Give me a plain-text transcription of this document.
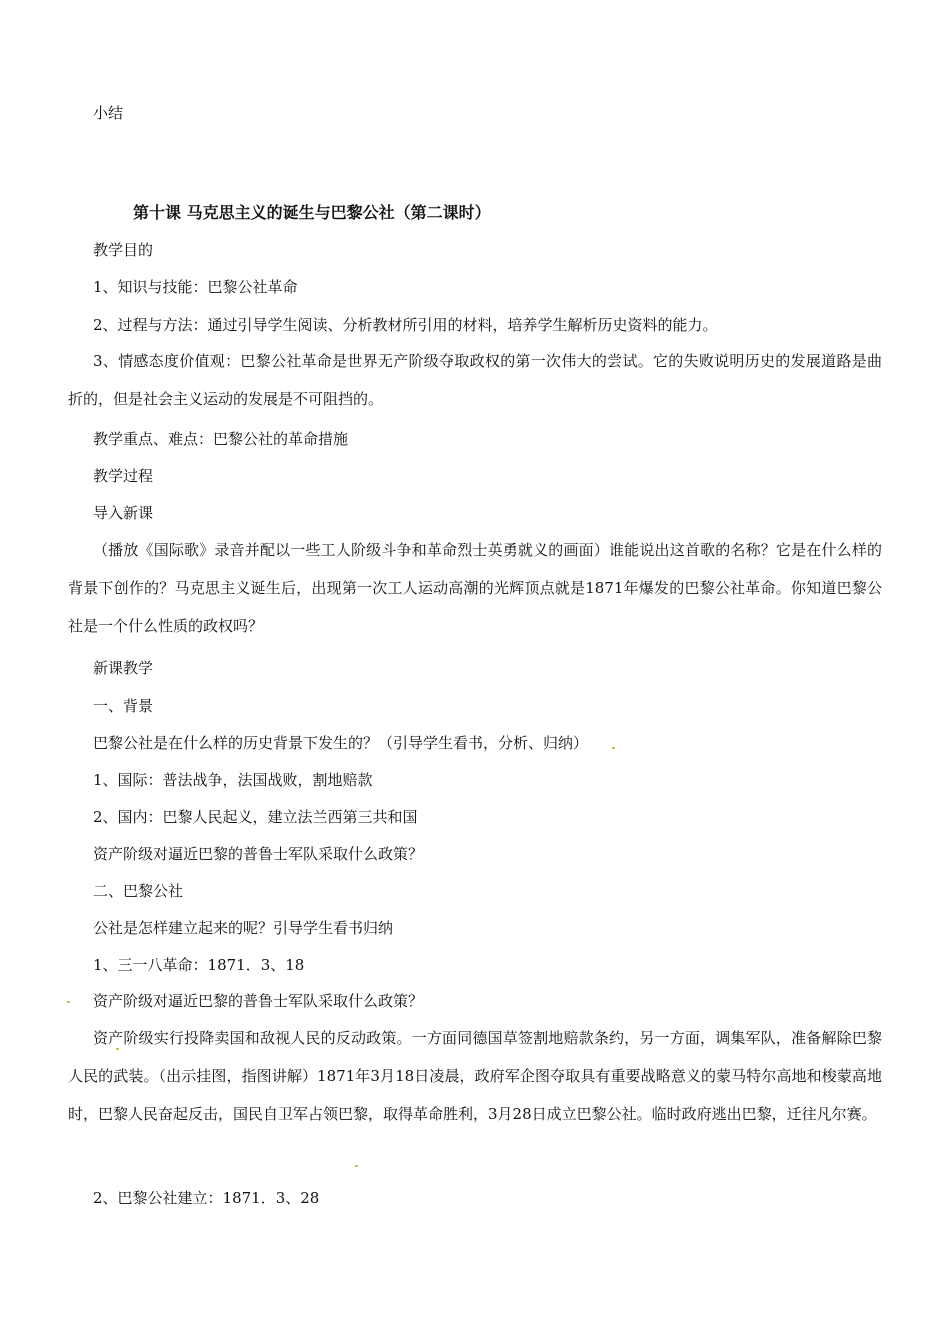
小结
第十课 马克思主义的诞生与巴黎公社（第二课时）
教学目的
1、知识与技能：巴黎公社革命
2、过程与方法：通过引导学生阅读、分析教材所引用的材料，培养学生解析历史资料的能力。
3、情感态度价值观：巴黎公社革命是世界无产阶级夺取政权的第一次伟大的尝试。它的失败说明历史的发展道路是曲折的，但是社会主义运动的发展是不可阻挡的。
教学重点、难点：巴黎公社的革命措施
教学过程
导入新课
（播放《国际歌》录音并配以一些工人阶级斗争和革命烈士英勇就义的画面）谁能说出这首歌的名称？它是在什么样的背景下创作的？马克思主义诞生后，出现第一次工人运动高潮的光辉顶点就是1871年爆发的巴黎公社革命。你知道巴黎公社是一个什么性质的政权吗？
新课教学
一、背景
巴黎公社是在什么样的历史背景下发生的？（引导学生看书，分析、归纳）
1、国际：普法战争，法国战败，割地赔款
2、国内：巴黎人民起义，建立法兰西第三共和国
资产阶级对逼近巴黎的普鲁士军队采取什么政策？
二、巴黎公社
公社是怎样建立起来的呢？引导学生看书归纳
1、三一八革命：1871．3、18
资产阶级对逼近巴黎的普鲁士军队采取什么政策？
资产阶级实行投降卖国和敌视人民的反动政策。一方面同德国草签割地赔款条约，另一方面，调集军队，准备解除巴黎人民的武装。（出示挂图，指图讲解）1871年3月18日凌晨，政府军企图夺取具有重要战略意义的蒙马特尔高地和梭蒙高地时，巴黎人民奋起反击，国民自卫军占领巴黎，取得革命胜利，3月28日成立巴黎公社。临时政府逃出巴黎，迁往凡尔赛。
2、巴黎公社建立：1871．3、28
